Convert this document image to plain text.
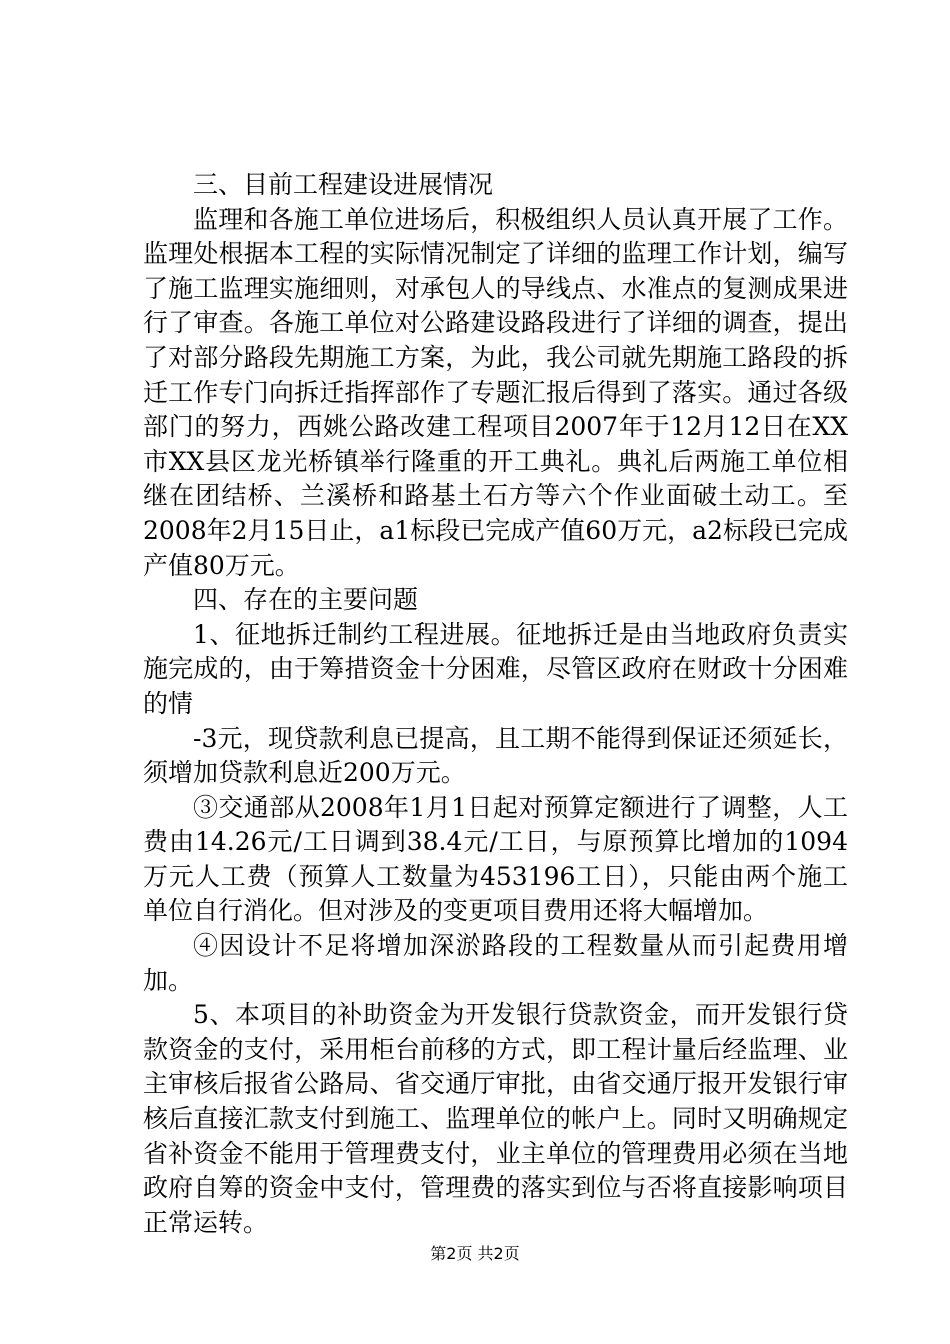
三、目前工程建设进展情况

监理和各施工单位进场后，积极组织人员认真开展了工作。监理处根据本工程的实际情况制定了详细的监理工作计划，编写了施工监理实施细则，对承包人的导线点、水准点的复测成果进行了审查。各施工单位对公路建设路段进行了详细的调查，提出了对部分路段先期施工方案，为此，我公司就先期施工路段的拆迁工作专门向拆迁指挥部作了专题汇报后得到了落实。通过各级部门的努力，西姚公路改建工程项目2007年于12月12日在XX市XX县区龙光桥镇举行隆重的开工典礼。典礼后两施工单位相继在团结桥、兰溪桥和路基土石方等六个作业面破土动工。至2008年2月15日止，a1标段已完成产值60万元，a2标段已完成产值80万元。

四、存在的主要问题

1、征地拆迁制约工程进展。征地拆迁是由当地政府负责实施完成的，由于筹措资金十分困难，尽管区政府在财政十分困难的情

-3元，现贷款利息已提高，且工期不能得到保证还须延长，须增加贷款利息近200万元。

③交通部从2008年1月1日起对预算定额进行了调整，人工费由14.26元/工日调到38.4元/工日，与原预算比增加的1094万元人工费（预算人工数量为453196工日），只能由两个施工单位自行消化。但对涉及的变更项目费用还将大幅增加。

④因设计不足将增加深淤路段的工程数量从而引起费用增加。

5、本项目的补助资金为开发银行贷款资金，而开发银行贷款资金的支付，采用柜台前移的方式，即工程计量后经监理、业主审核后报省公路局、省交通厅审批，由省交通厅报开发银行审核后直接汇款支付到施工、监理单位的帐户上。同时又明确规定省补资金不能用于管理费支付，业主单位的管理费用必须在当地政府自筹的资金中支付，管理费的落实到位与否将直接影响项目正常运转。

第2页 共2页
